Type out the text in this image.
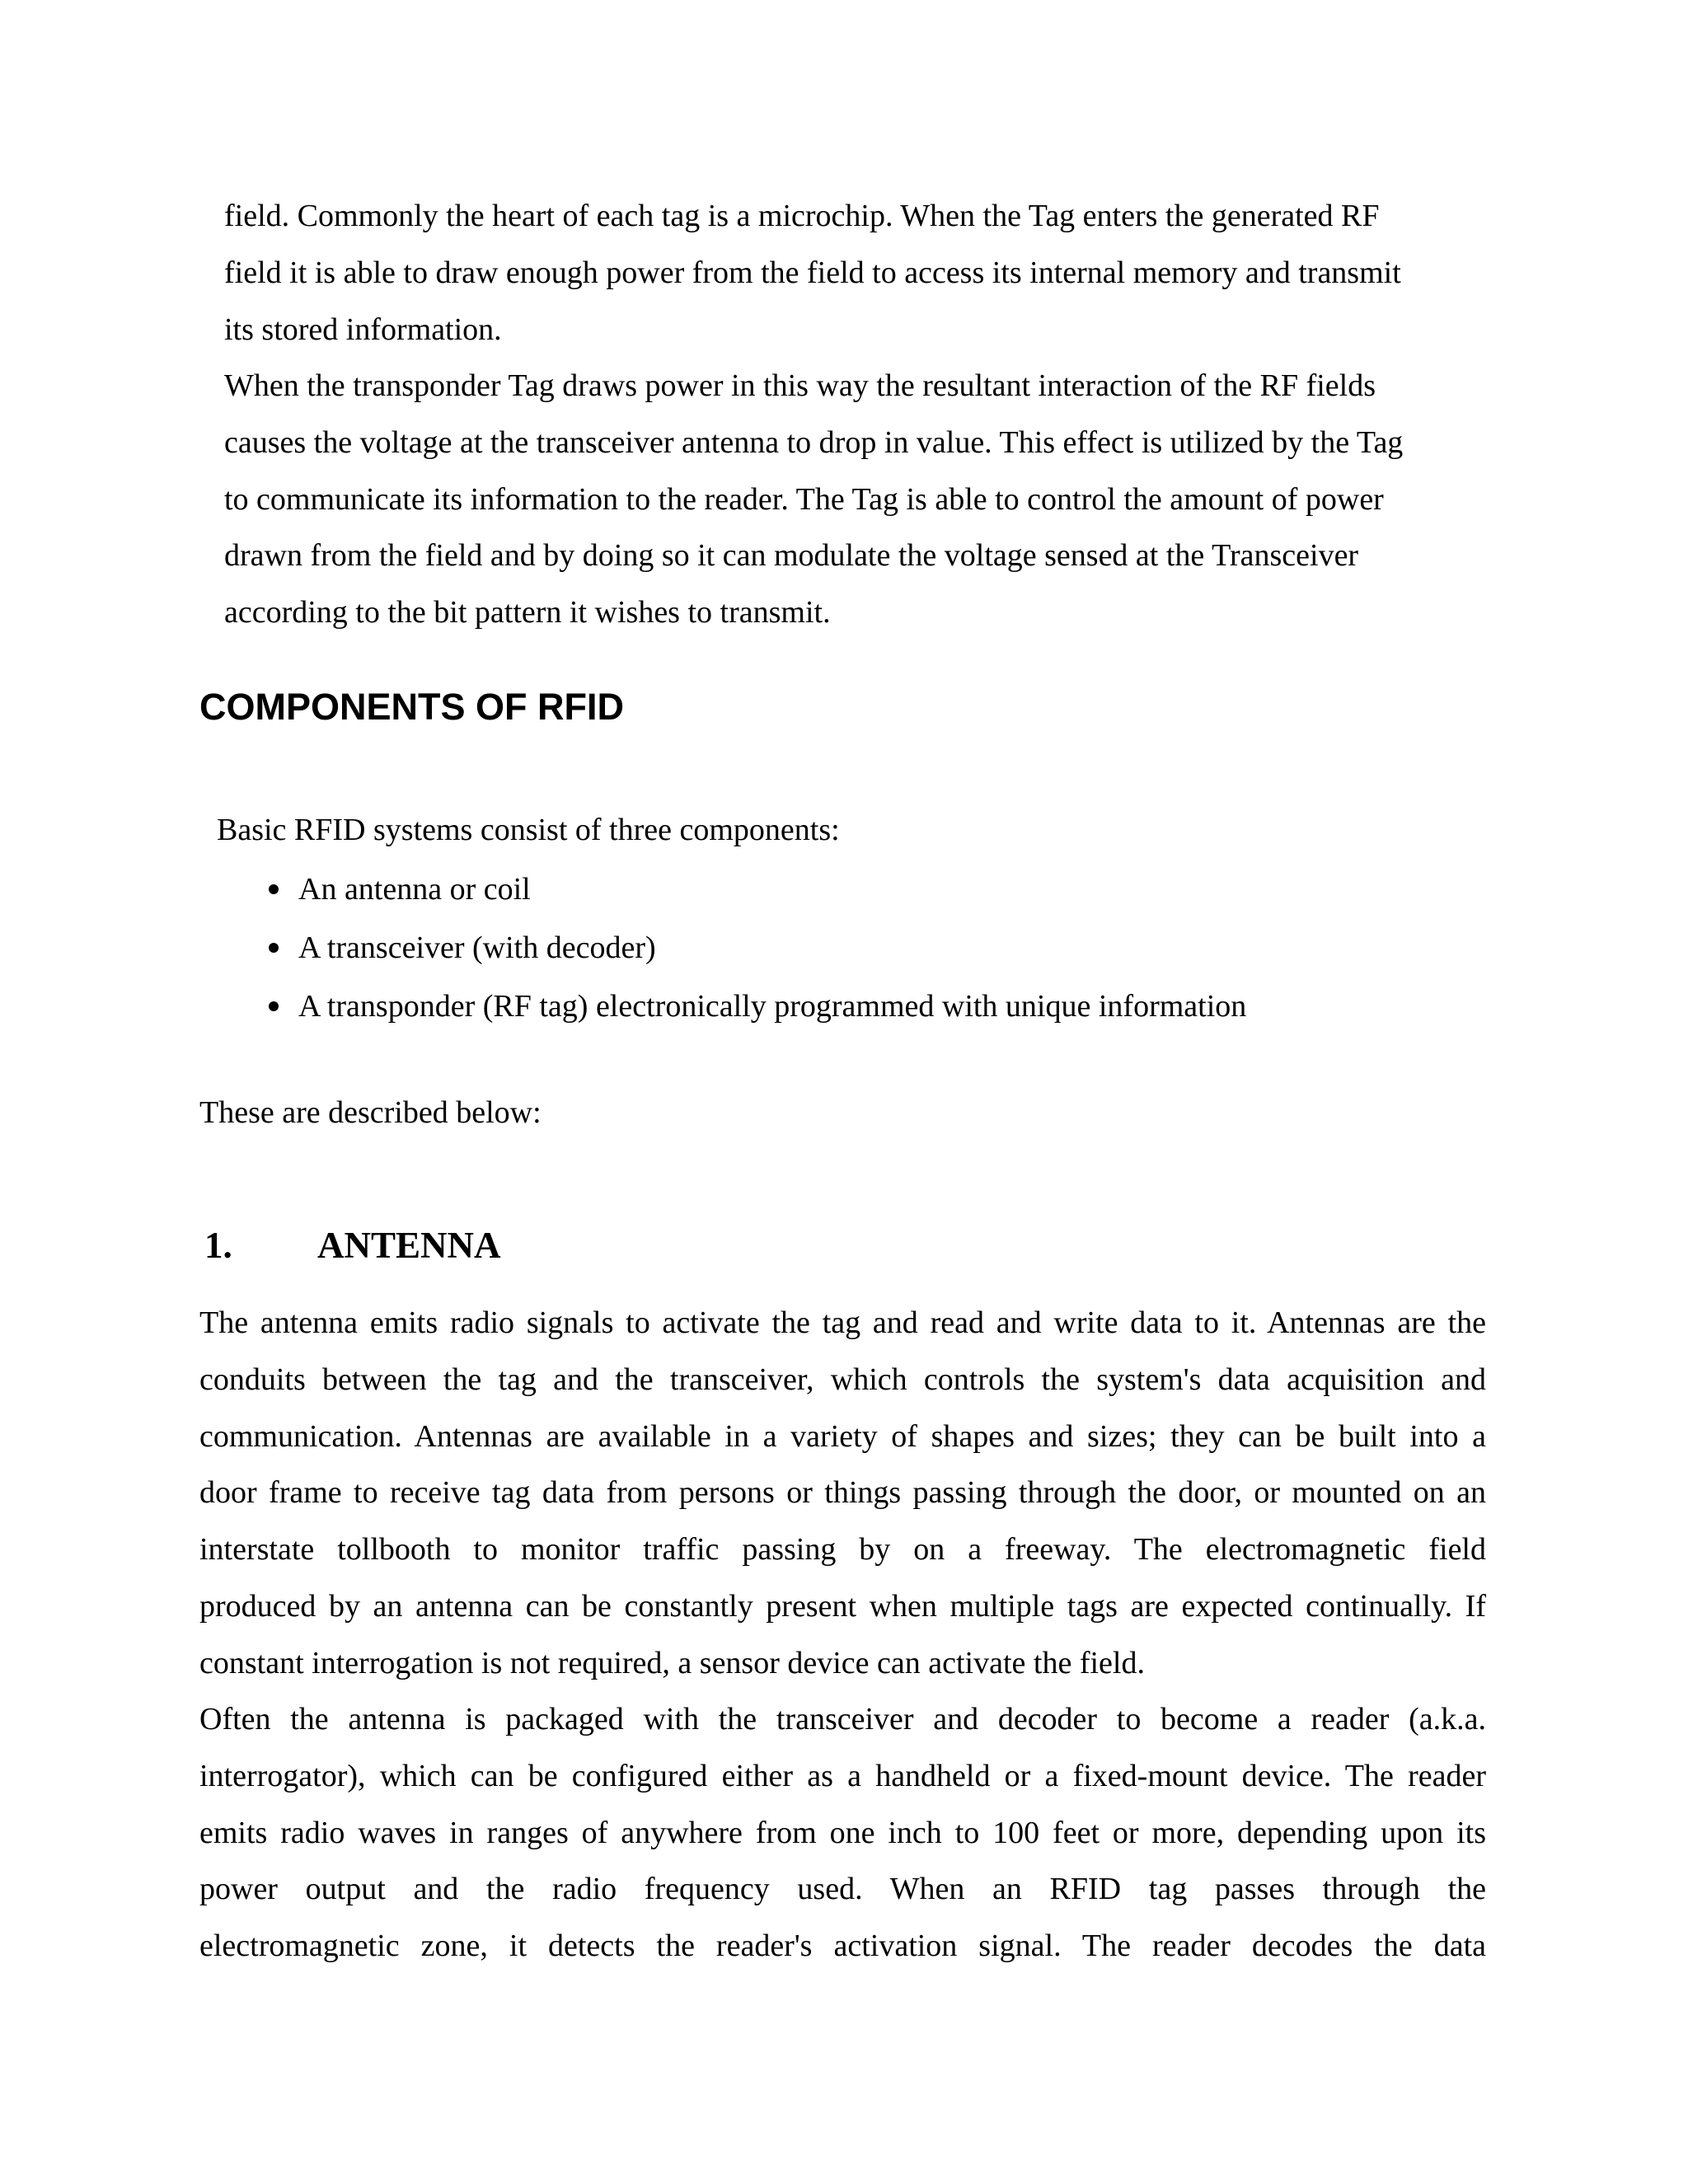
field. Commonly the heart of each tag is a microchip. When the Tag enters the generated RF
field it is able to draw enough power from the field to access its internal memory and transmit
its stored information.
When the transponder Tag draws power in this way the resultant interaction of the RF fields
causes the voltage at the transceiver antenna to drop in value. This effect is utilized by the Tag
to communicate its information to the reader. The Tag is able to control the amount of power
drawn from the field and by doing so it can modulate the voltage sensed at the Transceiver
according to the bit pattern it wishes to transmit.
COMPONENTS OF RFID
Basic RFID systems consist of three components:
An antenna or coil
A transceiver (with decoder)
A transponder (RF tag) electronically programmed with unique information
These are described below:
1. ANTENNA
The antenna emits radio signals to activate the tag and read and write data to it. Antennas are the
conduits between the tag and the transceiver, which controls the system's data acquisition and
communication. Antennas are available in a variety of shapes and sizes; they can be built into a
door frame to receive tag data from persons or things passing through the door, or mounted on an
interstate tollbooth to monitor traffic passing by on a freeway. The electromagnetic field
produced by an antenna can be constantly present when multiple tags are expected continually. If
constant interrogation is not required, a sensor device can activate the field.
Often the antenna is packaged with the transceiver and decoder to become a reader (a.k.a.
interrogator), which can be configured either as a handheld or a fixed-mount device. The reader
emits radio waves in ranges of anywhere from one inch to 100 feet or more, depending upon its
power output and the radio frequency used. When an RFID tag passes through the
electromagnetic zone, it detects the reader's activation signal. The reader decodes the data
